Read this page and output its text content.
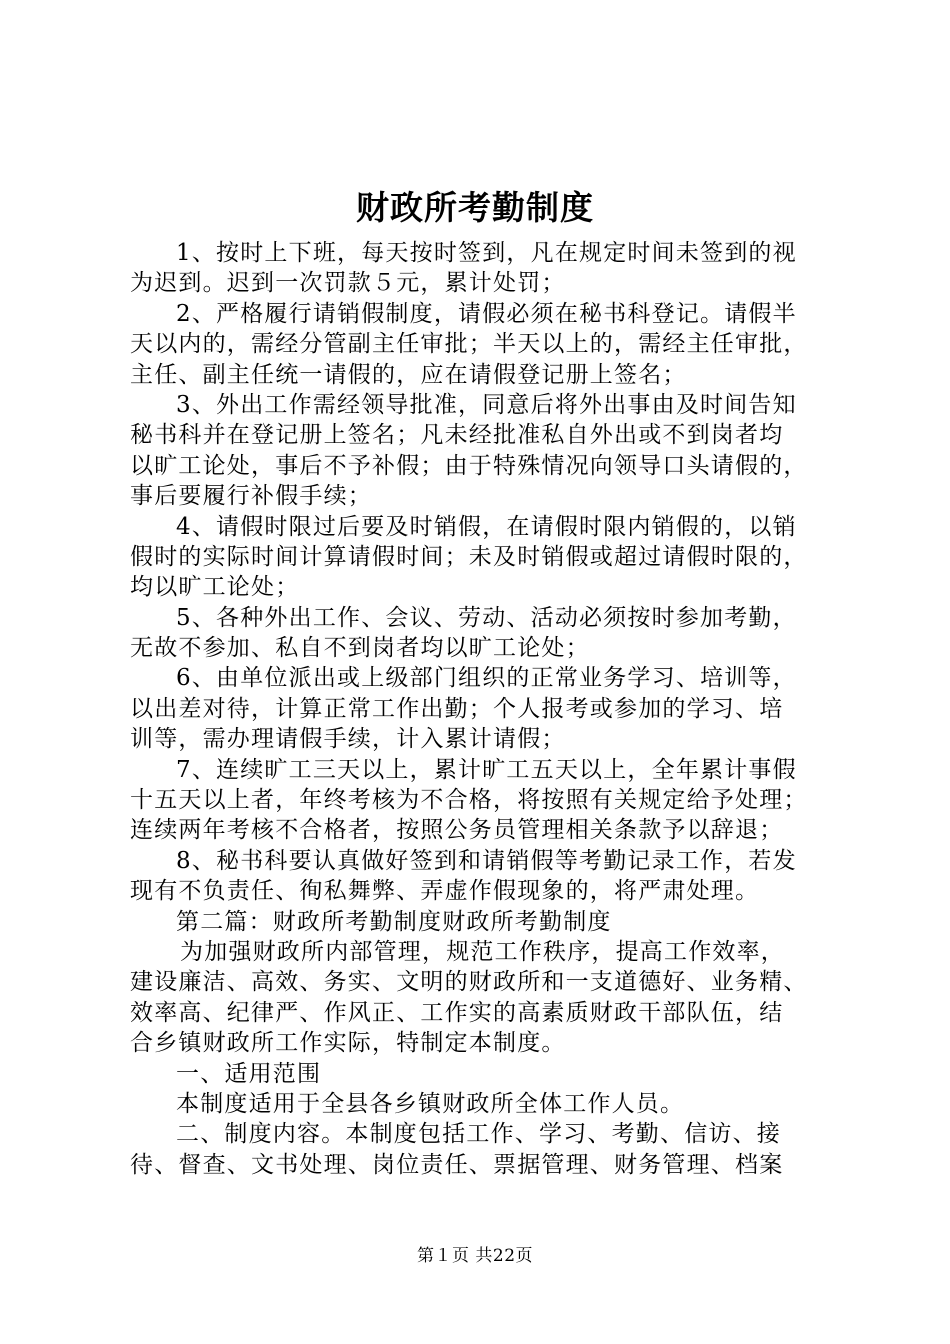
财政所考勤制度
1、按时上下班，每天按时签到，凡在规定时间未签到的视
为迟到。迟到一次罚款５元，累计处罚；
2、严格履行请销假制度，请假必须在秘书科登记。请假半
天以内的，需经分管副主任审批；半天以上的，需经主任审批，
主任、副主任统一请假的，应在请假登记册上签名；
3、外出工作需经领导批准，同意后将外出事由及时间告知
秘书科并在登记册上签名；凡未经批准私自外出或不到岗者均
以旷工论处，事后不予补假；由于特殊情况向领导口头请假的，
事后要履行补假手续；
4、请假时限过后要及时销假，在请假时限内销假的，以销
假时的实际时间计算请假时间；未及时销假或超过请假时限的，
均以旷工论处；
5、各种外出工作、会议、劳动、活动必须按时参加考勤，
无故不参加、私自不到岗者均以旷工论处；
6、由单位派出或上级部门组织的正常业务学习、培训等，
以出差对待，计算正常工作出勤；个人报考或参加的学习、培
训等，需办理请假手续，计入累计请假；
7、连续旷工三天以上，累计旷工五天以上，全年累计事假
十五天以上者，年终考核为不合格，将按照有关规定给予处理；
连续两年考核不合格者，按照公务员管理相关条款予以辞退；
8、秘书科要认真做好签到和请销假等考勤记录工作，若发
现有不负责任、徇私舞弊、弄虚作假现象的，将严肃处理。
第二篇：财政所考勤制度财政所考勤制度
为加强财政所内部管理，规范工作秩序，提高工作效率，
建设廉洁、高效、务实、文明的财政所和一支道德好、业务精、
效率高、纪律严、作风正、工作实的高素质财政干部队伍，结
合乡镇财政所工作实际，特制定本制度。
一、适用范围
本制度适用于全县各乡镇财政所全体工作人员。
二、制度内容。本制度包括工作、学习、考勤、信访、接
待、督查、文书处理、岗位责任、票据管理、财务管理、档案
第１页 共22页
